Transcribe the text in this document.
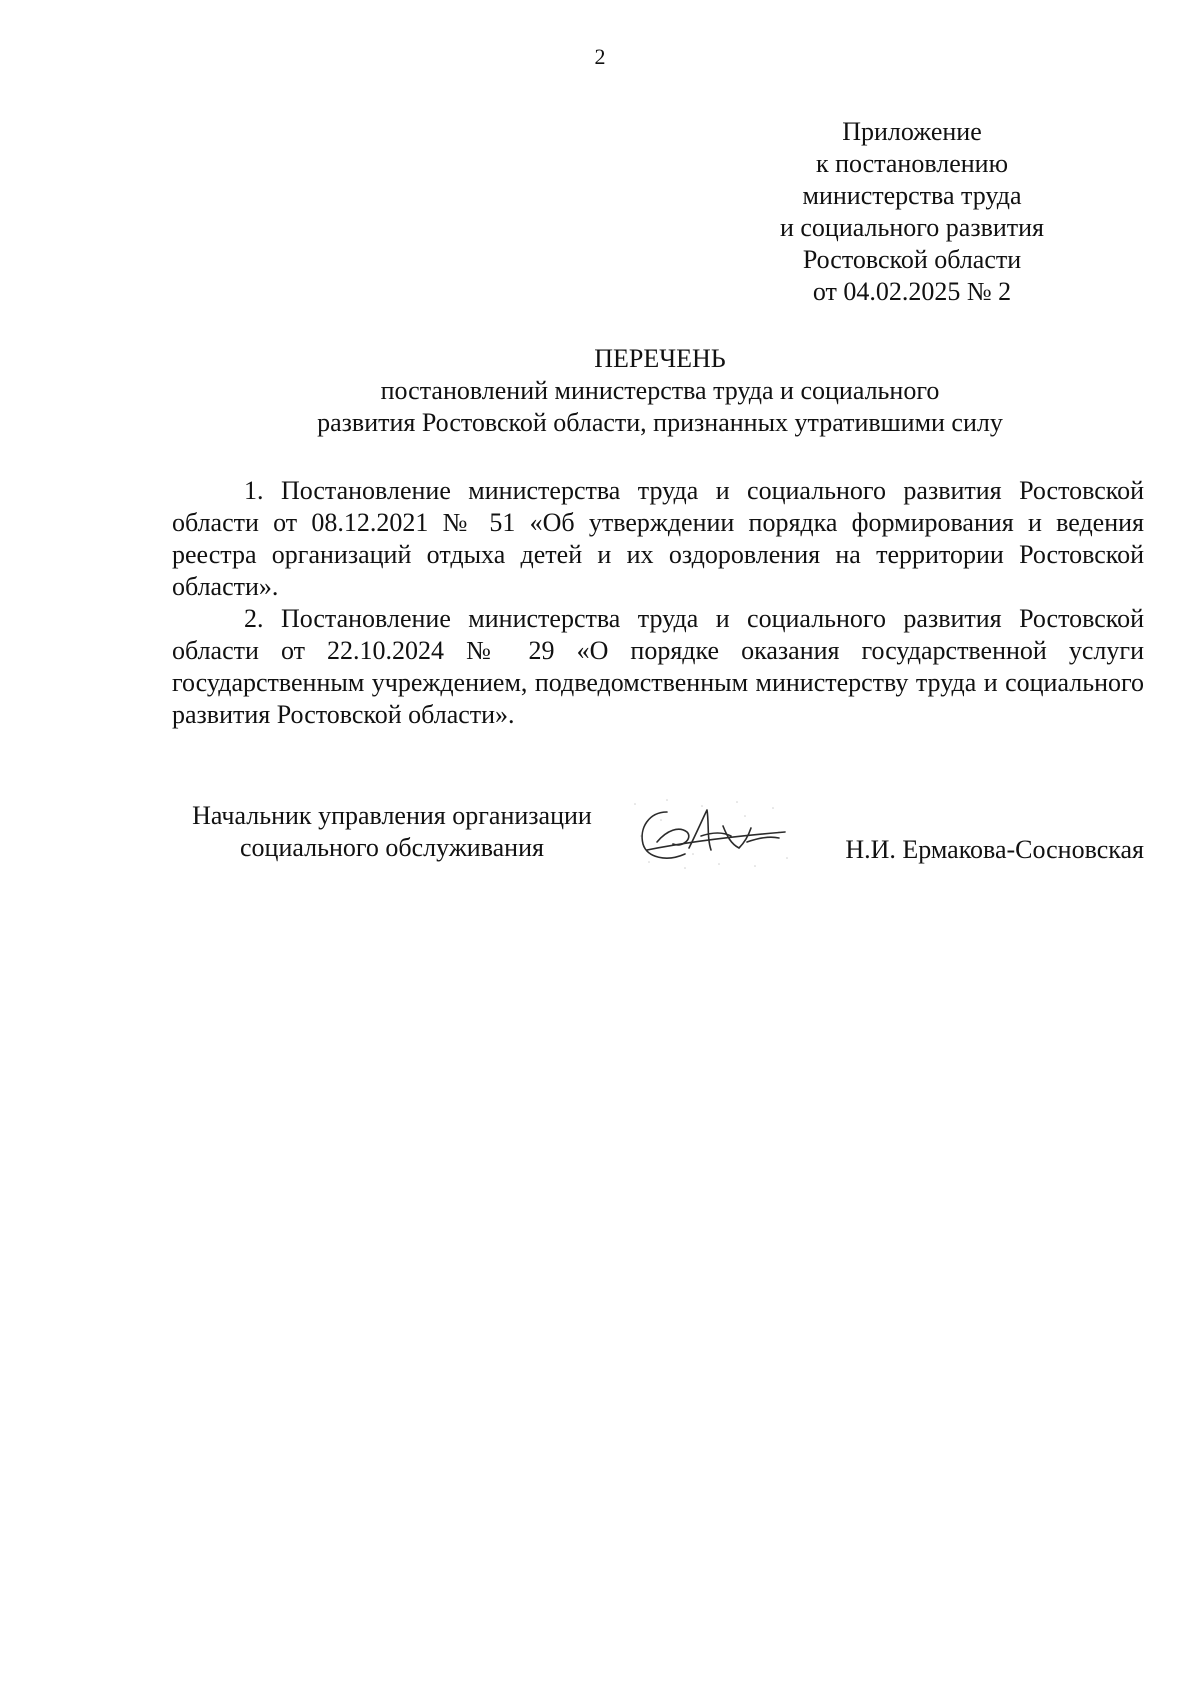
2
Приложение
к постановлению
министерства труда
и социального развития
Ростовской области
от 04.02.2025 № 2
ПЕРЕЧЕНЬ
постановлений министерства труда и социального
развития Ростовской области, признанных утратившими силу

1. Постановление министерства труда и социального развития Ростовской области от 08.12.2021 № 51 «Об утверждении порядка формирования и ведения реестра организаций отдыха детей и их оздоровления на территории Ростовской области».

2. Постановление министерства труда и социального развития Ростовской области от 22.10.2024 № 29 «О порядке оказания государственной услуги государственным учреждением, подведомственным министерству труда и социального развития Ростовской области».

Начальник управления организации
социального обслуживания	Н.И. Ермакова-Сосновская
